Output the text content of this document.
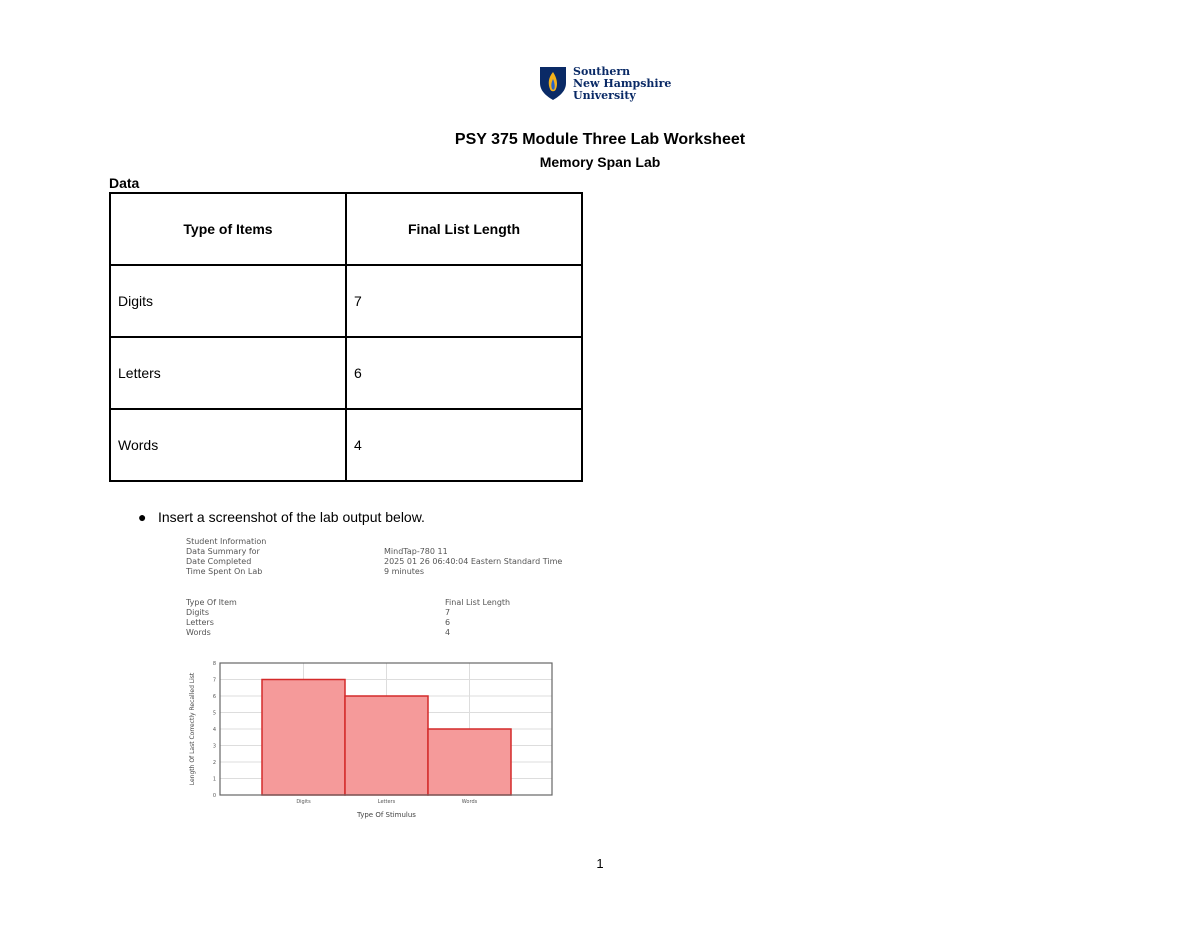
Southern
New Hampshire
University
PSY 375 Module Three Lab Worksheet
Memory Span Lab
Data
Type of Items	Final List Length
Digits	7
Letters	6
Words	4
● Insert a screenshot of the lab output below.
Student Information
Data Summary for	MindTap-780 11
Date Completed	2025 01 26 06:40:04 Eastern Standard Time
Time Spent On Lab	9 minutes
Type Of Item	Final List Length
Digits	7
Letters	6
Words	4
0
1
2
3
4
5
6
7
8
Digits	Letters	Words
Type Of Stimulus
Length Of Last Correctly Recalled List
1
